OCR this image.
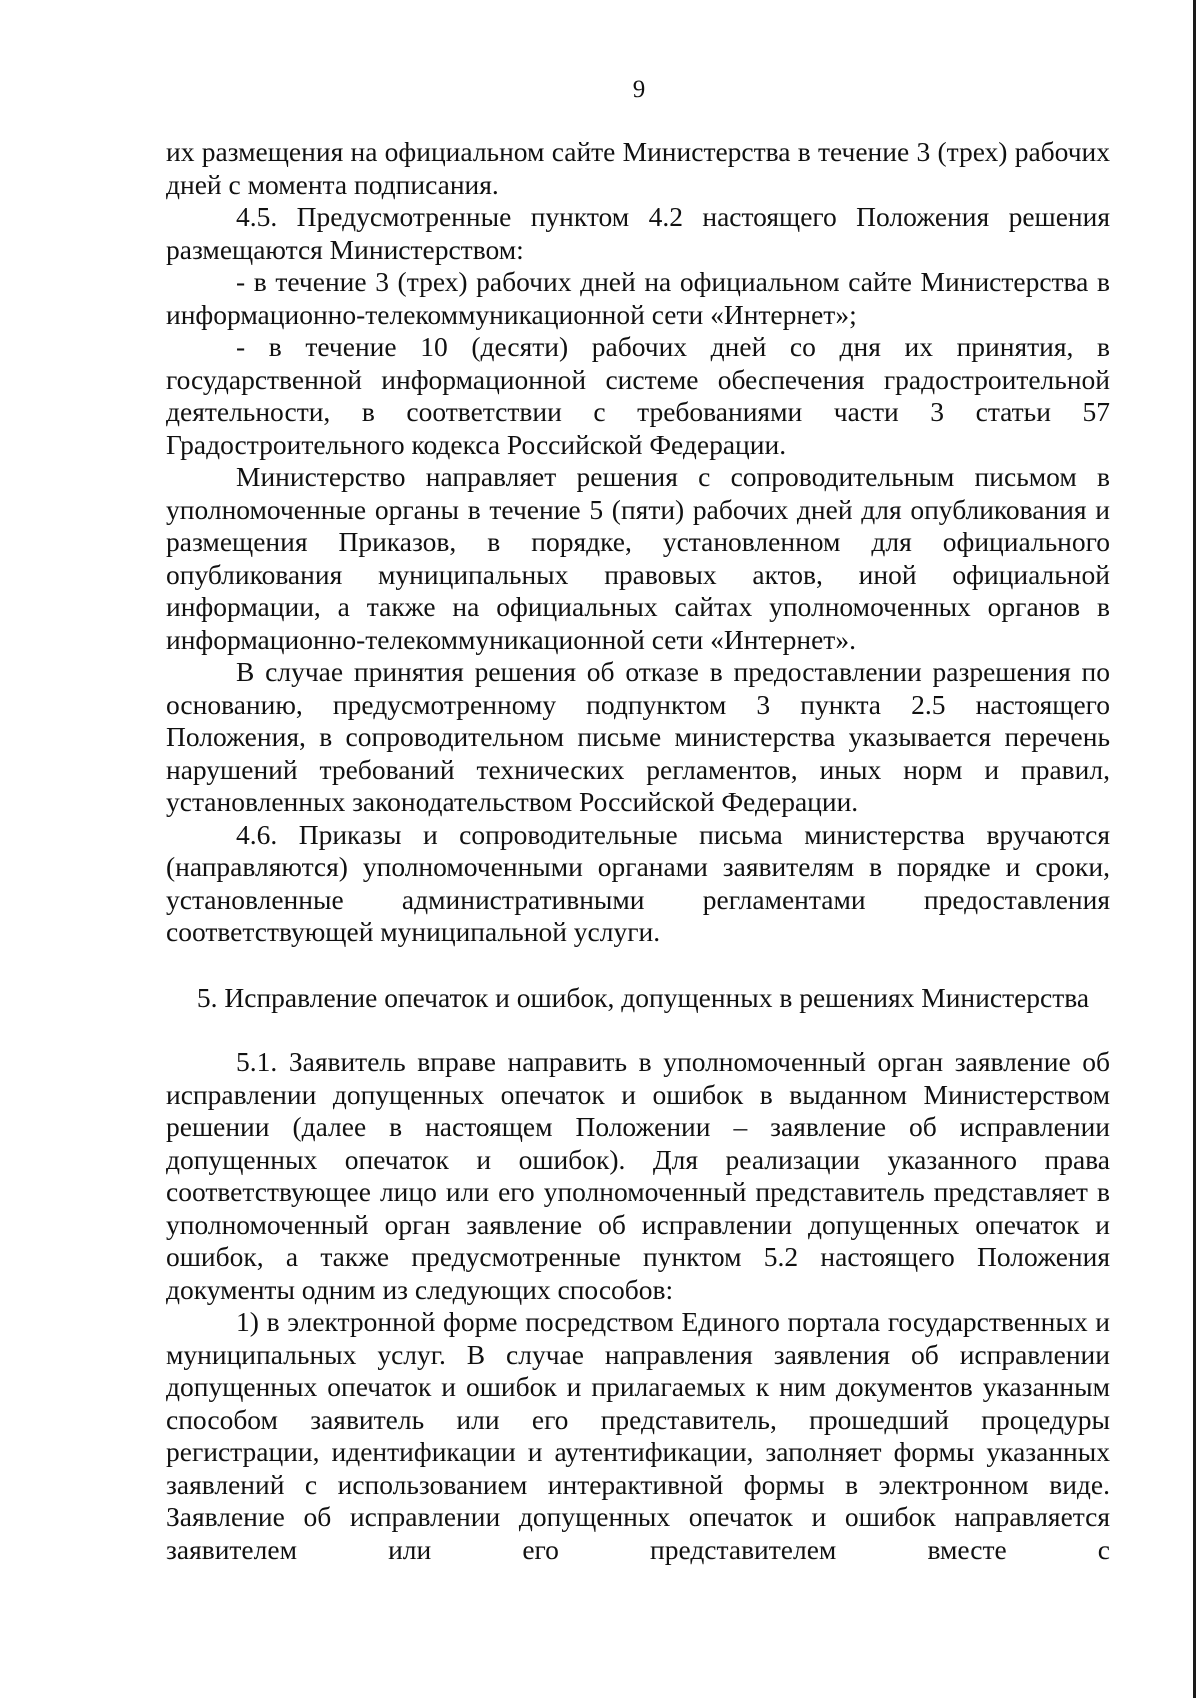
9

их размещения на официальном сайте Министерства в течение 3 (трех) рабочих дней с момента подписания.

4.5. Предусмотренные пунктом 4.2 настоящего Положения решения размещаются Министерством:

- в течение 3 (трех) рабочих дней на официальном сайте Министерства в информационно-телекоммуникационной сети «Интернет»;

- в течение 10 (десяти) рабочих дней со дня их принятия, в государственной информационной системе обеспечения градостроительной деятельности, в соответствии с требованиями части 3 статьи 57 Градостроительного кодекса Российской Федерации.

Министерство направляет решения с сопроводительным письмом в уполномоченные органы в течение 5 (пяти) рабочих дней для опубликования и размещения Приказов, в порядке, установленном для официального опубликования муниципальных правовых актов, иной официальной информации, а также на официальных сайтах уполномоченных органов в информационно-телекоммуникационной сети «Интернет».

В случае принятия решения об отказе в предоставлении разрешения по основанию, предусмотренному подпунктом 3 пункта 2.5 настоящего Положения, в сопроводительном письме министерства указывается перечень нарушений требований технических регламентов, иных норм и правил, установленных законодательством Российской Федерации.

4.6. Приказы и сопроводительные письма министерства вручаются (направляются) уполномоченными органами заявителям в порядке и сроки, установленные административными регламентами предоставления соответствующей муниципальной услуги.

5. Исправление опечаток и ошибок, допущенных в решениях Министерства

5.1. Заявитель вправе направить в уполномоченный орган заявление об исправлении допущенных опечаток и ошибок в выданном Министерством решении (далее в настоящем Положении – заявление об исправлении допущенных опечаток и ошибок). Для реализации указанного права соответствующее лицо или его уполномоченный представитель представляет в уполномоченный орган заявление об исправлении допущенных опечаток и ошибок, а также предусмотренные пунктом 5.2 настоящего Положения документы одним из следующих способов:

1) в электронной форме посредством Единого портала государственных и муниципальных услуг. В случае направления заявления об исправлении допущенных опечаток и ошибок и прилагаемых к ним документов указанным способом заявитель или его представитель, прошедший процедуры регистрации, идентификации и аутентификации, заполняет формы указанных заявлений с использованием интерактивной формы в электронном виде. Заявление об исправлении допущенных опечаток и ошибок направляется заявителем или его представителем вместе с
